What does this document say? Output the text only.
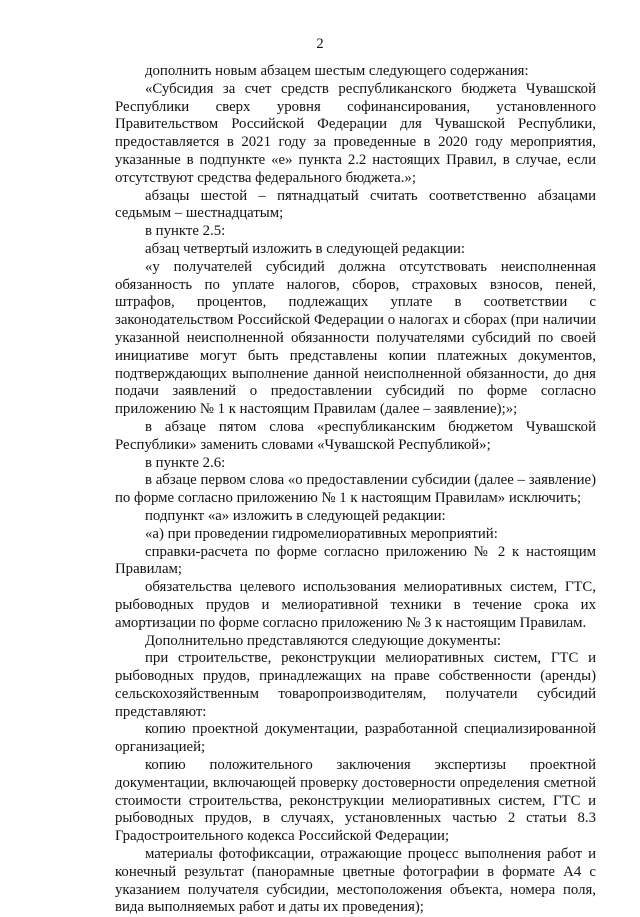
2

дополнить новым абзацем шестым следующего содержания:

«Субсидия за счет средств республиканского бюджета Чувашской Республики сверх уровня софинансирования, установленного Правительством Российской Федерации для Чувашской Республики, предоставляется в 2021 году за проведенные в 2020 году мероприятия, указанные в подпункте «е» пункта 2.2 настоящих Правил, в случае, если отсутствуют средства федерального бюджета.»;

абзацы шестой – пятнадцатый считать соответственно абзацами седьмым – шестнадцатым;

в пункте 2.5:

абзац четвертый изложить в следующей редакции:

«у получателей субсидий должна отсутствовать неисполненная обязанность по уплате налогов, сборов, страховых взносов, пеней, штрафов, процентов, подлежащих уплате в соответствии с законодательством Российской Федерации о налогах и сборах (при наличии указанной неисполненной обязанности получателями субсидий по своей инициативе могут быть представлены копии платежных документов, подтверждающих выполнение данной неисполненной обязанности, до дня подачи заявлений о предоставлении субсидий по форме согласно приложению № 1 к настоящим Правилам (далее – заявление);»;

в абзаце пятом слова «республиканским бюджетом Чувашской Республики» заменить словами «Чувашской Республикой»;

в пункте 2.6:

в абзаце первом слова «о предоставлении субсидии (далее – заявление) по форме согласно приложению № 1 к настоящим Правилам» исключить;

подпункт «а» изложить в следующей редакции:

«а) при проведении гидромелиоративных мероприятий:

справки-расчета по форме согласно приложению № 2 к настоящим Правилам;

обязательства целевого использования мелиоративных систем, ГТС, рыбоводных прудов и мелиоративной техники в течение срока их амортизации по форме согласно приложению № 3 к настоящим Правилам.

Дополнительно представляются следующие документы:

при строительстве, реконструкции мелиоративных систем, ГТС и рыбоводных прудов, принадлежащих на праве собственности (аренды) сельскохозяйственным товаропроизводителям, получатели субсидий представляют:

копию проектной документации, разработанной специализированной организацией;

копию положительного заключения экспертизы проектной документации, включающей проверку достоверности определения сметной стоимости строительства, реконструкции мелиоративных систем, ГТС и рыбоводных прудов, в случаях, установленных частью 2 статьи 8.3 Градостроительного кодекса Российской Федерации;

материалы фотофиксации, отражающие процесс выполнения работ и конечный результат (панорамные цветные фотографии в формате А4 с указанием получателя субсидии, местоположения объекта, номера поля, вида выполняемых работ и даты их проведения);
